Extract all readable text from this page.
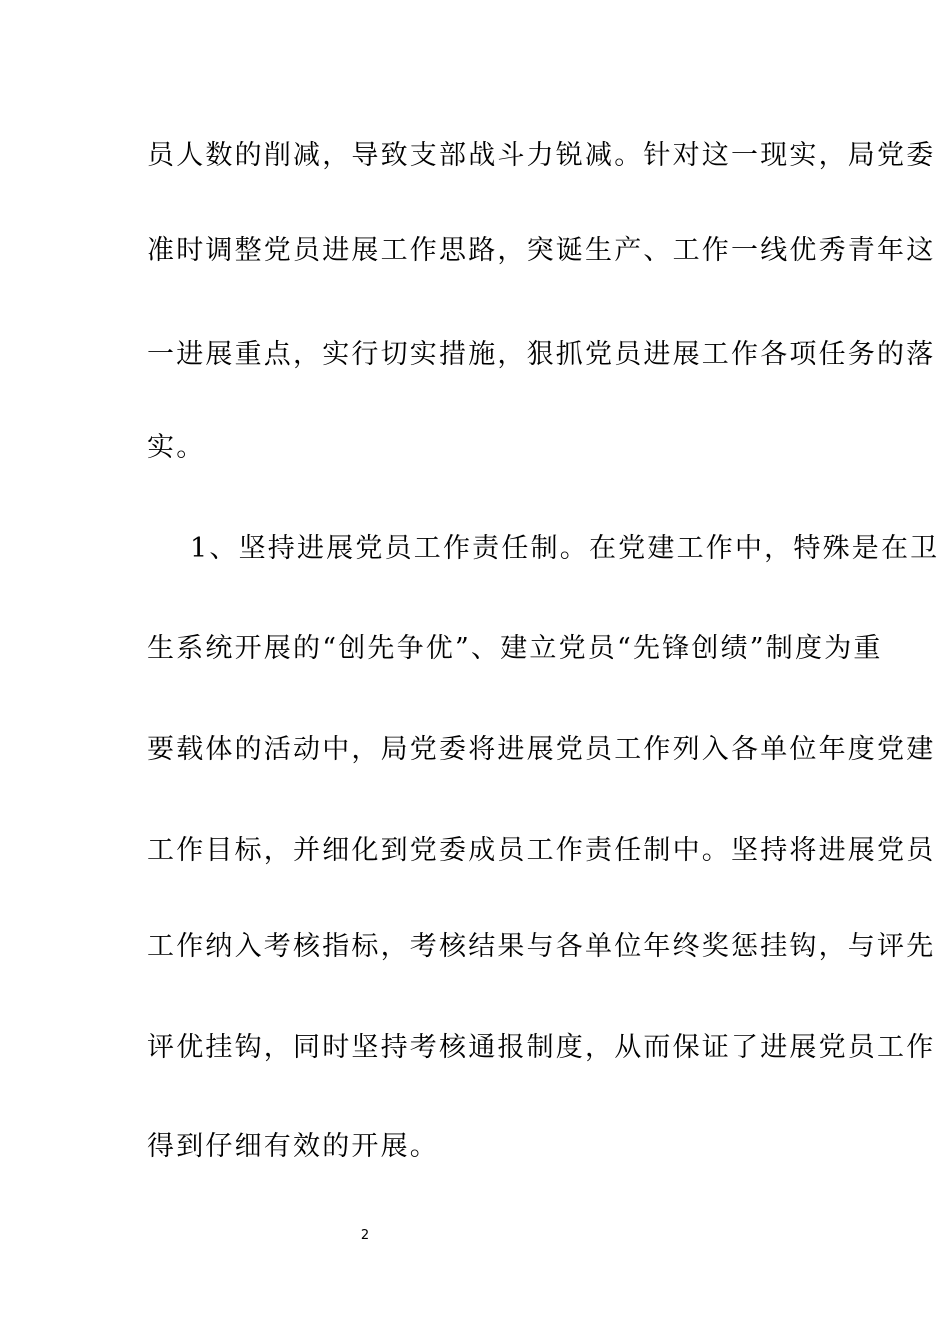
员人数的削减，导致支部战斗力锐减。针对这一现实，局党委
准时调整党员进展工作思路，突诞生产、工作一线优秀青年这
一进展重点，实行切实措施，狠抓党员进展工作各项任务的落
实。
1、坚持进展党员工作责任制。在党建工作中，特殊是在卫
生系统开展的“创先争优”、建立党员“先锋创绩”制度为重
要载体的活动中，局党委将进展党员工作列入各单位年度党建
工作目标，并细化到党委成员工作责任制中。坚持将进展党员
工作纳入考核指标，考核结果与各单位年终奖惩挂钩，与评先
评优挂钩，同时坚持考核通报制度，从而保证了进展党员工作
得到仔细有效的开展。
2
